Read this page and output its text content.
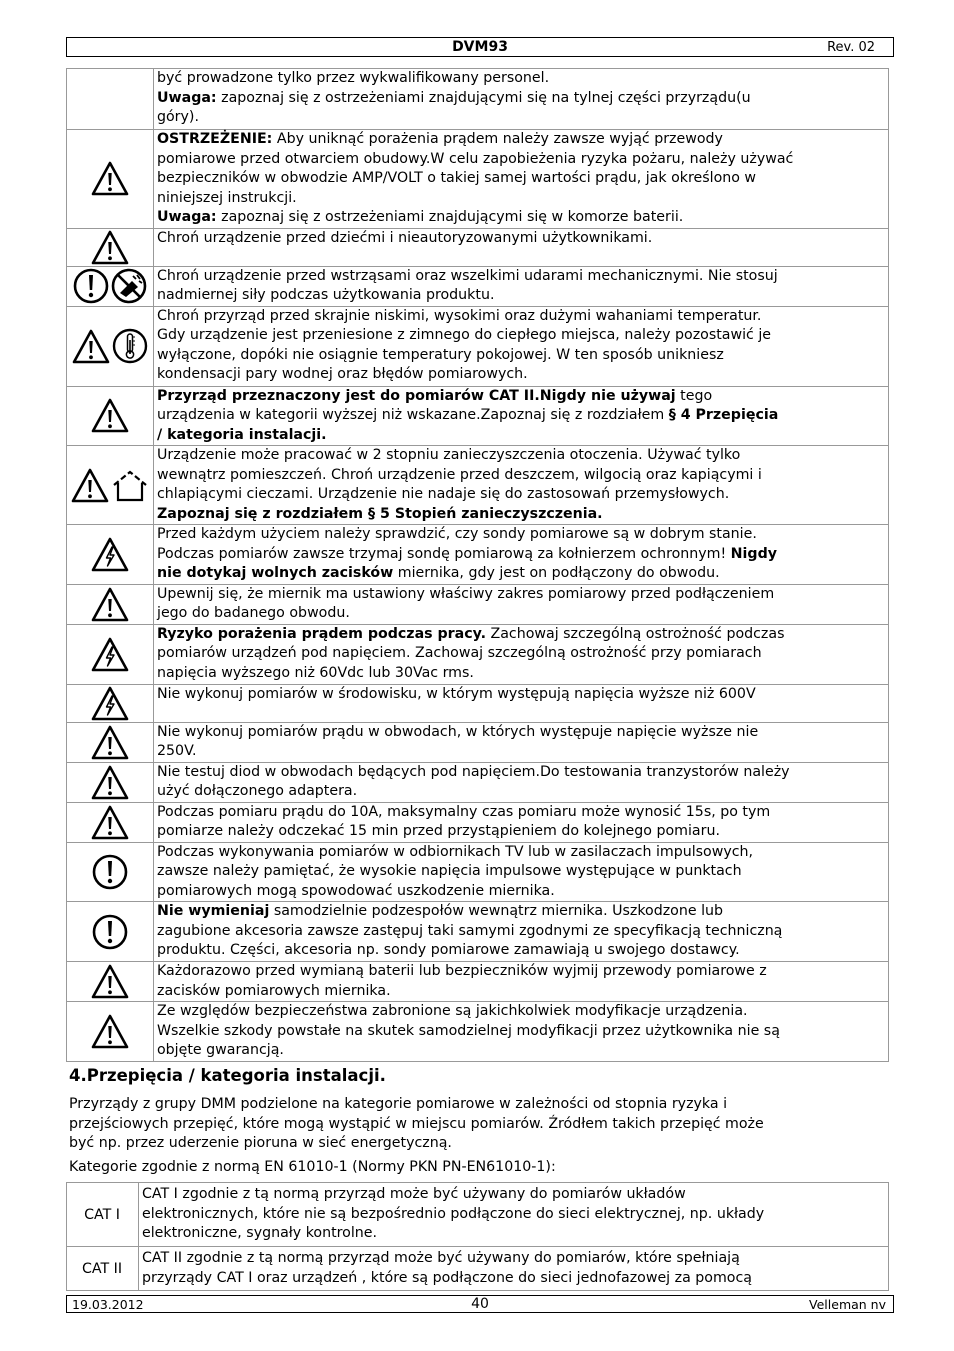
DVM93	Rev. 02

	być prowadzone tylko przez wykwalifikowany personel.
Uwaga: zapoznaj się z ostrzeżeniami znajdującymi się na tylnej części przyrządu(u
góry).

OSTRZEŻENIE: Aby uniknąć porażenia prądem należy zawsze wyjąć przewody
pomiarowe przed otwarciem obudowy.W celu zapobieżenia ryzyka pożaru, należy używać
bezpieczników w obwodzie AMP/VOLT o takiej samej wartości prądu, jak określono w
niniejszej instrukcji.
Uwaga: zapoznaj się z ostrzeżeniami znajdującymi się w komorze baterii.

Chroń urządzenie przed dziećmi i nieautoryzowanymi użytkownikami.

Chroń urządzenie przed wstrząsami oraz wszelkimi udarami mechanicznymi. Nie stosuj
nadmiernej siły podczas użytkowania produktu.

Chroń przyrząd przed skrajnie niskimi, wysokimi oraz dużymi wahaniami temperatur.
Gdy urządzenie jest przeniesione z zimnego do ciepłego miejsca, należy pozostawić je
wyłączone, dopóki nie osiągnie temperatury pokojowej. W ten sposób unikniesz
kondensacji pary wodnej oraz błędów pomiarowych.

Przyrząd przeznaczony jest do pomiarów CAT II.Nigdy nie używaj tego
urządzenia w kategorii wyższej niż wskazane.Zapoznaj się z rozdziałem § 4 Przepięcia
/ kategoria instalacji.

Urządzenie może pracować w 2 stopniu zanieczyszczenia otoczenia. Używać tylko
wewnątrz pomieszczeń. Chroń urządzenie przed deszczem, wilgocią oraz kapiącymi i
chlapiącymi cieczami. Urządzenie nie nadaje się do zastosowań przemysłowych.
Zapoznaj się z rozdziałem § 5 Stopień zanieczyszczenia.

Przed każdym użyciem należy sprawdzić, czy sondy pomiarowe są w dobrym stanie.
Podczas pomiarów zawsze trzymaj sondę pomiarową za kołnierzem ochronnym! Nigdy
nie dotykaj wolnych zacisków miernika, gdy jest on podłączony do obwodu.

Upewnij się, że miernik ma ustawiony właściwy zakres pomiarowy przed podłączeniem
jego do badanego obwodu.

Ryzyko porażenia prądem podczas pracy. Zachowaj szczególną ostrożność podczas
pomiarów urządzeń pod napięciem. Zachowaj szczególną ostrożność przy pomiarach
napięcia wyższego niż 60Vdc lub 30Vac rms.

Nie wykonuj pomiarów w środowisku, w którym występują napięcia wyższe niż 600V

Nie wykonuj pomiarów prądu w obwodach, w których występuje napięcie wyższe nie
250V.

Nie testuj diod w obwodach będących pod napięciem.Do testowania tranzystorów należy
użyć dołączonego adaptera.

Podczas pomiaru prądu do 10A, maksymalny czas pomiaru może wynosić 15s, po tym
pomiarze należy odczekać 15 min przed przystąpieniem do kolejnego pomiaru.

Podczas wykonywania pomiarów w odbiornikach TV lub w zasilaczach impulsowych,
zawsze należy pamiętać, że wysokie napięcia impulsowe występujące w punktach
pomiarowych mogą spowodować uszkodzenie miernika.

Nie wymieniaj samodzielnie podzespołów wewnątrz miernika. Uszkodzone lub
zagubione akcesoria zawsze zastępuj taki samymi zgodnymi ze specyfikacją techniczną
produktu. Części, akcesoria np. sondy pomiarowe zamawiają u swojego dostawcy.

Każdorazowo przed wymianą baterii lub bezpieczników wyjmij przewody pomiarowe z
zacisków pomiarowych miernika.

Ze względów bezpieczeństwa zabronione są jakichkolwiek modyfikacje urządzenia.
Wszelkie szkody powstałe na skutek samodzielnej modyfikacji przez użytkownika nie są
objęte gwarancją.
4.Przepięcia / kategoria instalacji.
Przyrządy z grupy DMM podzielone na kategorie pomiarowe w zależności od stopnia ryzyka i
przejściowych przepięć, które mogą wystąpić w miejscu pomiarów. Źródłem takich przepięć może
być np. przez uderzenie pioruna w sieć energetyczną.
Kategorie zgodnie z normą EN 61010-1 (Normy PKN PN-EN61010-1):
CAT I	CAT I zgodnie z tą normą przyrząd może być używany do pomiarów układów
elektronicznych, które nie są bezpośrednio podłączone do sieci elektrycznej, np. układy
elektroniczne, sygnały kontrolne.

CAT II	CAT II zgodnie z tą normą przyrząd może być używany do pomiarów, które spełniają
przyrządy CAT I oraz urządzeń , które są podłączone do sieci jednofazowej za pomocą
19.03.2012	40	Velleman nv
